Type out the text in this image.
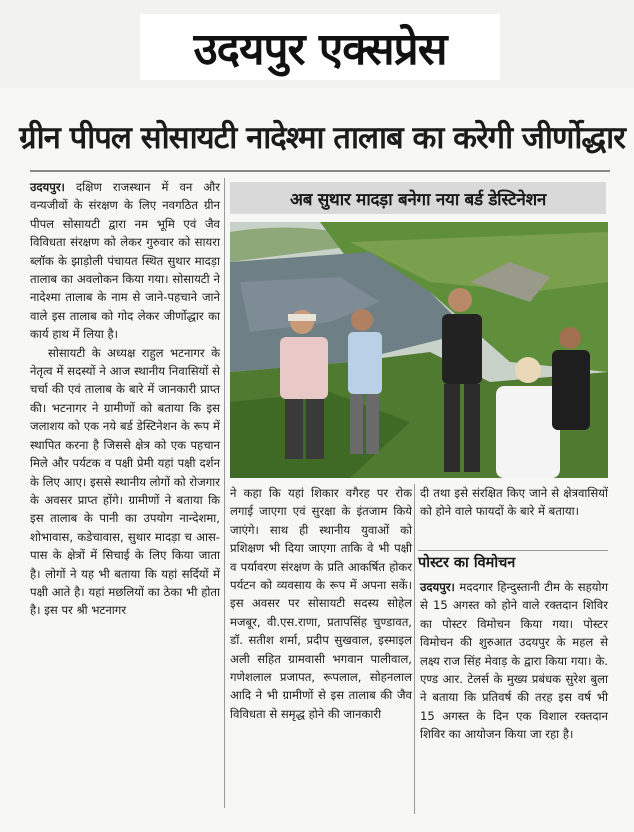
उदयपुर एक्सप्रेस
ग्रीन पीपल सोसायटी नादेश्मा तालाब का करेगी जीर्णोद्धार

उदयपुर। दक्षिण राजस्थान में वन और वन्यजीवों के संरक्षण के लिए नवगठित ग्रीन पीपल सोसायटी द्वारा नम भूमि एवं जैव विविधता संरक्षण को लेकर गुरुवार को सायरा ब्लॉक के झाड़ोली पंचायत स्थित सुथार मादड़ा तालाब का अवलोकन किया गया। सोसायटी ने नादेश्मा तालाब के नाम से जाने-पहचाने जाने वाले इस तालाब को गोद लेकर जीर्णोद्धार का कार्य हाथ में लिया है।

सोसायटी के अध्यक्ष राहुल भटनागर के नेतृत्व में सदस्यों ने आज स्थानीय निवासियों से चर्चा की एवं तालाब के बारे में जानकारी प्राप्त की। भटनागर ने ग्रामीणों को बताया कि इस जलाशय को एक नये बर्ड डेस्टिनेशन के रूप में स्थापित करना है जिससे क्षेत्र को एक पहचान मिले और पर्यटक व पक्षी प्रेमी यहां पक्षी दर्शन के लिए आए। इससे स्थानीय लोगों को रोजगार के अवसर प्राप्त होंगे। ग्रामीणों ने बताया कि इस तालाब के पानी का उपयोग नान्देशमा, शोभावास, कडेचावास, सुथार मादड़ा च आस-पास के क्षेत्रों में सिचाई के लिए किया जाता है। लोगों ने यह भी बताया कि यहां सर्दियों में पक्षी आते है। यहां मछलियों का ठेका भी होता है। इस पर श्री भटनागर

अब सुथार मादड़ा बनेगा नया बर्ड डेस्टिनेशन

ने कहा कि यहां शिकार वगैरह पर रोक लगाई जाएगा एवं सुरक्षा के इंतजाम किये जाएंगे। साथ ही स्थानीय युवाओं को प्रशिक्षण भी दिया जाएगा ताकि वे भी पक्षी व पर्यावरण संरक्षण के प्रति आकर्षित होकर पर्यटन को व्यवसाय के रूप में अपना सकें। इस अवसर पर सोसायटी सदस्य सोहेल मजबूर, वी.एस.राणा, प्रतापसिंह चुण्डावत, डॉ. सतीश शर्मा, प्रदीप सुखवाल, इस्माइल अली सहित ग्रामवासी भगवान पालीवाल, गणेशलाल प्रजापत, रूपलाल, सोहनलाल आदि ने भी ग्रामीणों से इस तालाब की जैव विविधता से समृद्ध होने की जानकारी

दी तथा इसे संरक्षित किए जाने से क्षेत्रवासियों को होने वाले फायदों के बारे में बताया।

पोस्टर का विमोचन

उदयपुर। मददगार हिन्दुस्तानी टीम के सहयोग से 15 अगस्त को होने वाले रक्तदान शिविर का पोस्टर विमोचन किया गया। पोस्टर विमोचन की शुरुआत उदयपुर के महल से लक्ष्य राज सिंह मेवाड़ के द्वारा किया गया। के. एण्ड आर. टेलर्स के मुख्य प्रबंधक सुरेश बुला ने बताया कि प्रतिवर्ष की तरह इस वर्ष भी 15 अगस्त के दिन एक विशाल रक्तदान शिविर का आयोजन किया जा रहा है।
